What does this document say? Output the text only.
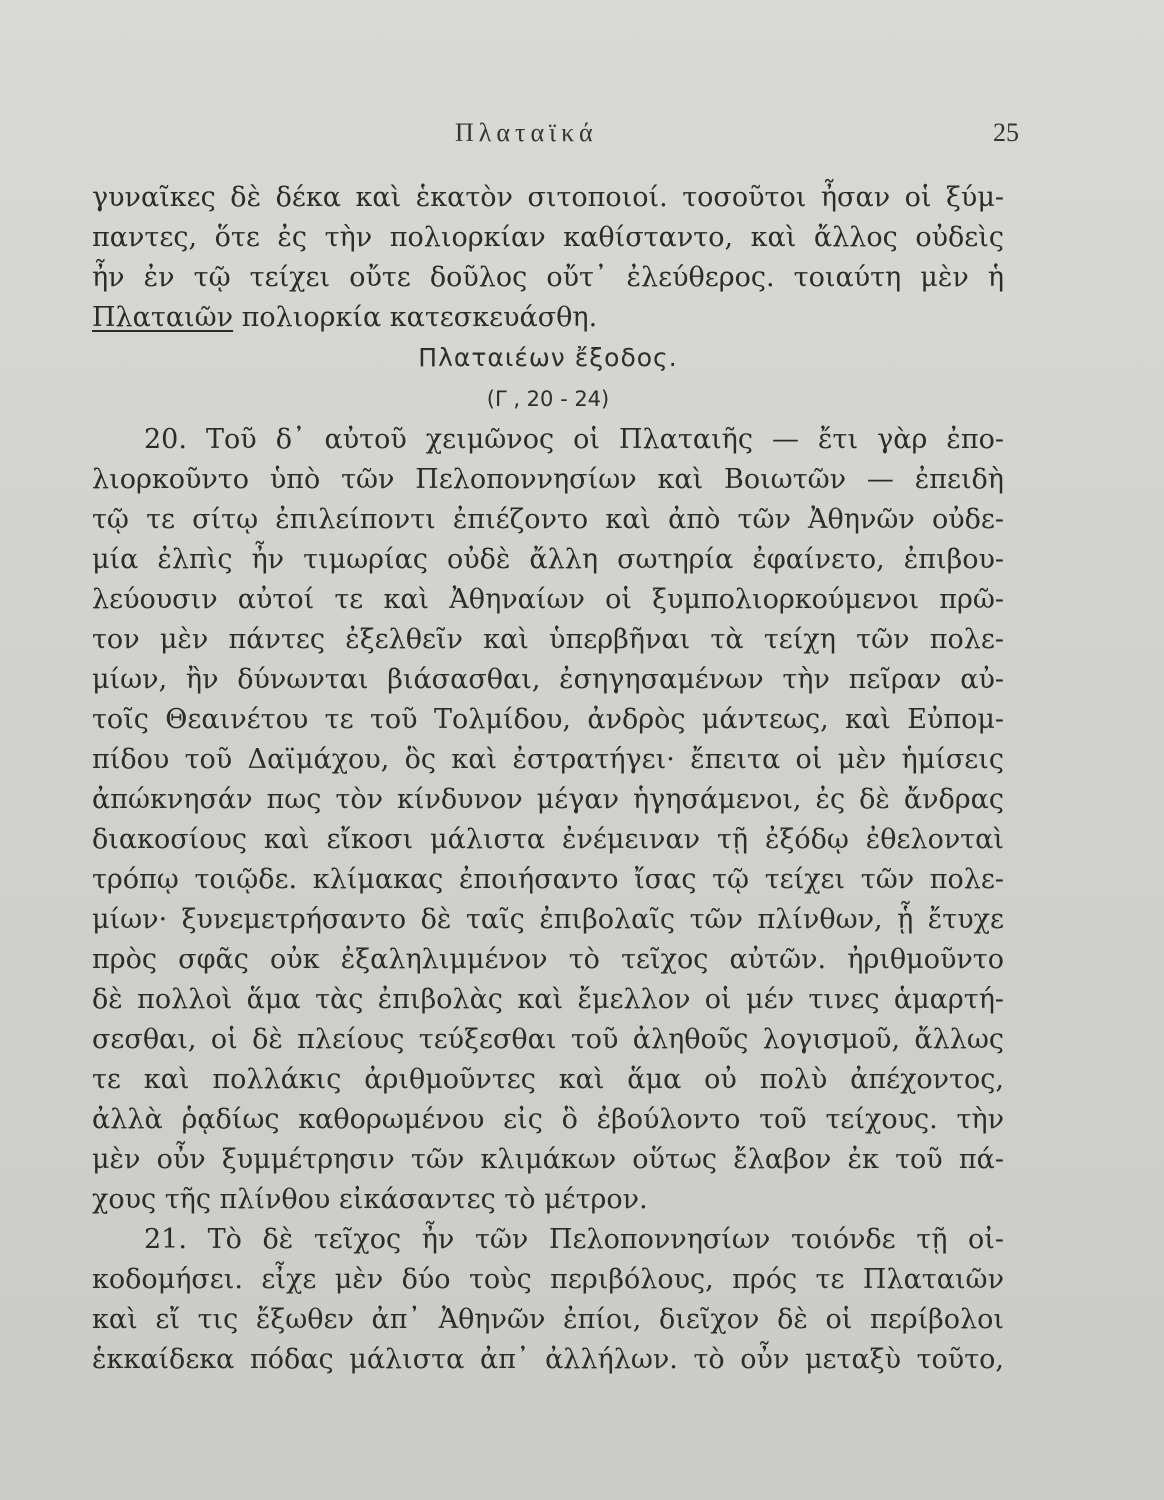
Πλαταϊκά	25
γυναῖκες δὲ δέκα καὶ ἑκατὸν σιτοποιοί. τοσοῦτοι ἦσαν οἱ ξύμ-
παντες, ὅτε ἐς τὴν πολιορκίαν καθίσταντο, καὶ ἄλλος οὐδεὶς
ἦν ἐν τῷ τείχει οὔτε δοῦλος οὔτ᾽ ἐλεύθερος. τοιαύτη μὲν ἡ
Πλαταιῶν πολιορκία κατεσκευάσθη.
Πλαταιέων ἔξοδος.
(Γ , 20 - 24)
20. Τοῦ δ᾽ αὐτοῦ χειμῶνος οἱ Πλαταιῆς — ἔτι γὰρ ἐπο-
λιορκοῦντο ὑπὸ τῶν Πελοποννησίων καὶ Βοιωτῶν — ἐπειδὴ
τῷ τε σίτῳ ἐπιλείποντι ἐπιέζοντο καὶ ἀπὸ τῶν Ἀθηνῶν οὐδε-
μία ἐλπὶς ἦν τιμωρίας οὐδὲ ἄλλη σωτηρία ἐφαίνετο, ἐπιβου-
λεύουσιν αὐτοί τε καὶ Ἀθηναίων οἱ ξυμπολιορκούμενοι πρῶ-
τον μὲν πάντες ἐξελθεῖν καὶ ὑπερβῆναι τὰ τείχη τῶν πολε-
μίων, ἢν δύνωνται βιάσασθαι, ἐσηγησαμένων τὴν πεῖραν αὐ-
τοῖς Θεαινέτου τε τοῦ Τολμίδου, ἀνδρὸς μάντεως, καὶ Εὐπομ-
πίδου τοῦ Δαϊμάχου, ὃς καὶ ἐστρατήγει· ἔπειτα οἱ μὲν ἡμίσεις
ἀπώκνησάν πως τὸν κίνδυνον μέγαν ἡγησάμενοι, ἐς δὲ ἄνδρας
διακοσίους καὶ εἴκοσι μάλιστα ἐνέμειναν τῇ ἐξόδῳ ἐθελονταὶ
τρόπῳ τοιῷδε. κλίμακας ἐποιήσαντο ἴσας τῷ τείχει τῶν πολε-
μίων· ξυνεμετρήσαντο δὲ ταῖς ἐπιβολαῖς τῶν πλίνθων, ᾗ ἔτυχε
πρὸς σφᾶς οὐκ ἐξαληλιμμένον τὸ τεῖχος αὐτῶν. ἠριθμοῦντο
δὲ πολλοὶ ἅμα τὰς ἐπιβολὰς καὶ ἔμελλον οἱ μέν τινες ἁμαρτή-
σεσθαι, οἱ δὲ πλείους τεύξεσθαι τοῦ ἀληθοῦς λογισμοῦ, ἄλλως
τε καὶ πολλάκις ἀριθμοῦντες καὶ ἅμα οὐ πολὺ ἀπέχοντος,
ἀλλὰ ῥᾳδίως καθορωμένου εἰς ὃ ἐβούλοντο τοῦ τείχους. τὴν
μὲν οὖν ξυμμέτρησιν τῶν κλιμάκων οὕτως ἔλαβον ἐκ τοῦ πά-
χους τῆς πλίνθου εἰκάσαντες τὸ μέτρον.
21. Τὸ δὲ τεῖχος ἦν τῶν Πελοποννησίων τοιόνδε τῇ οἰ-
κοδομήσει. εἶχε μὲν δύο τοὺς περιβόλους, πρός τε Πλαταιῶν
καὶ εἴ τις ἔξωθεν ἀπ᾽ Ἀθηνῶν ἐπίοι, διεῖχον δὲ οἱ περίβολοι
ἑκκαίδεκα πόδας μάλιστα ἀπ᾽ ἀλλήλων. τὸ οὖν μεταξὺ τοῦτο,
